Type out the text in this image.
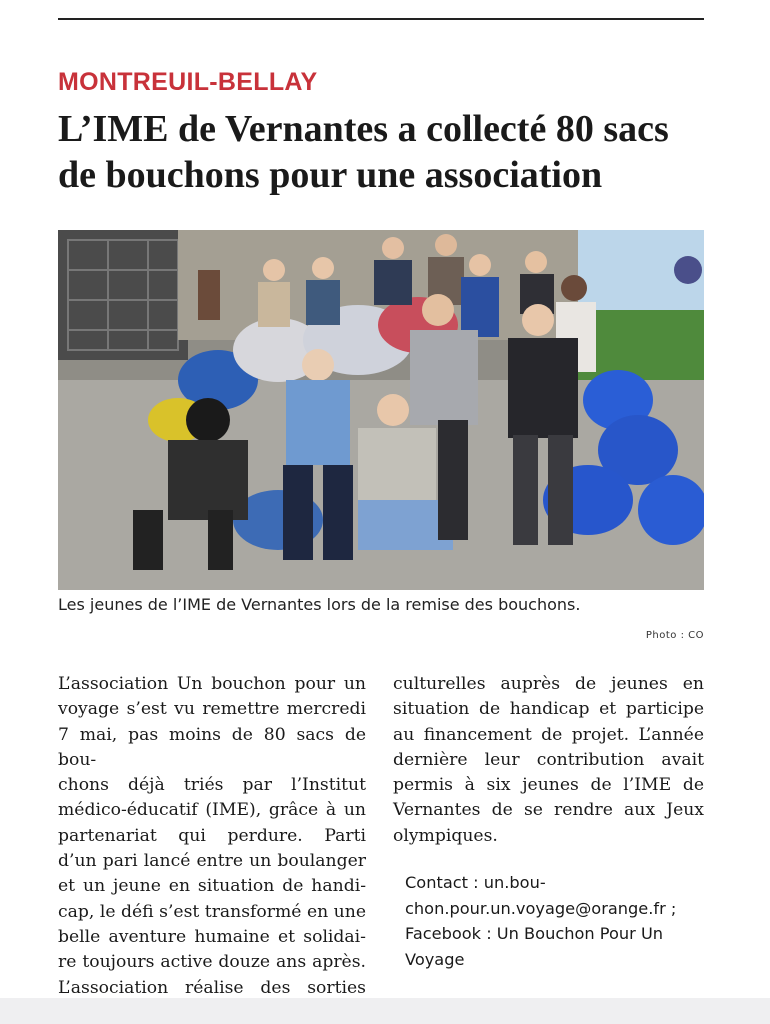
MONTREUIL-BELLAY
L’IME de Vernantes a collecté 80 sacs
de bouchons pour une association
Les jeunes de l’IME de Vernantes lors de la remise des bouchons.
Photo : CO
L’association Un bouchon pour un
voyage s’est vu remettre mercredi
7 mai, pas moins de 80 sacs de bou-
chons déjà triés par l’Institut
médico-éducatif (IME), grâce à un
partenariat qui perdure. Parti
d’un pari lancé entre un boulanger
et un jeune en situation de handi-
cap, le défi s’est transformé en une
belle aventure humaine et solidai-
re toujours active douze ans après.
L’association réalise des sorties
culturelles auprès de jeunes en
situation de handicap et participe
au financement de projet. L’année
dernière leur contribution avait
permis à six jeunes de l’IME de
Vernantes de se rendre aux Jeux
olympiques.
Contact : un.bou-
chon.pour.un.voyage@orange.fr ;
Facebook : Un Bouchon Pour Un
Voyage
